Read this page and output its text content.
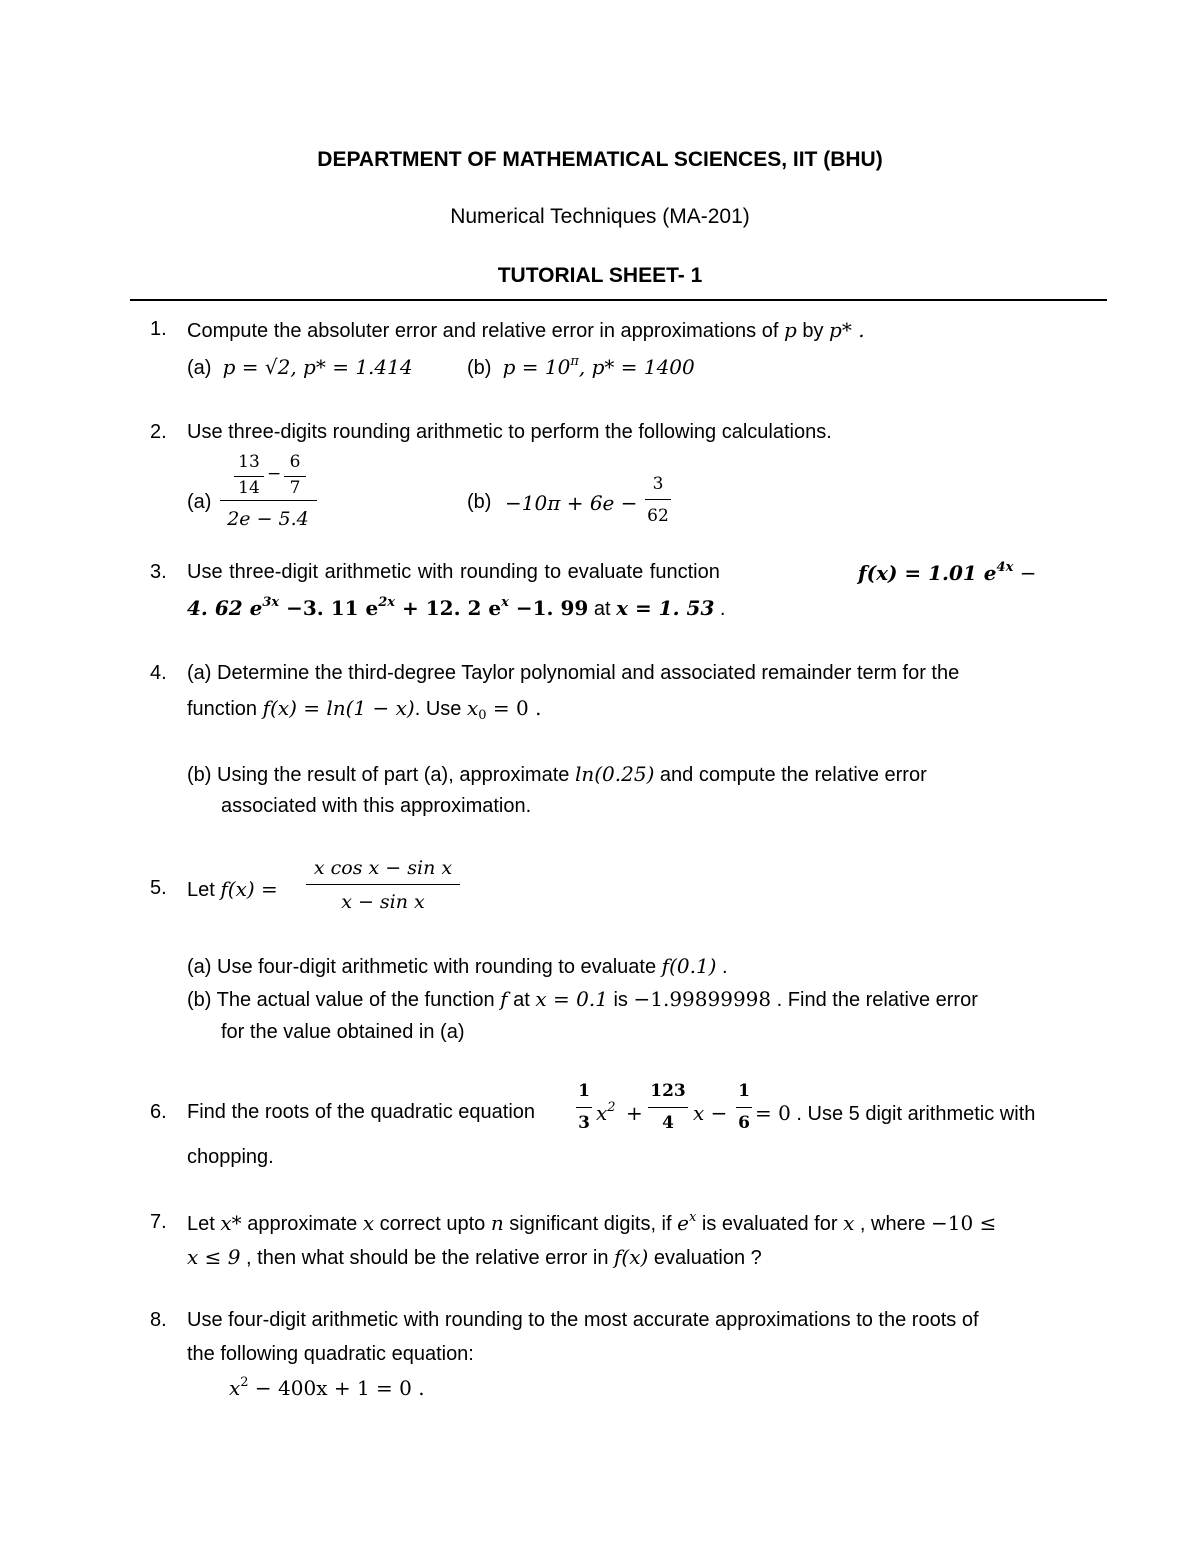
DEPARTMENT OF MATHEMATICAL SCIENCES, IIT (BHU)
Numerical Techniques (MA-201)
TUTORIAL SHEET- 1
1. Compute the absoluter error and relative error in approximations of p by p* .
(a) p = √2, p* = 1.414	(b) $p = 10^\pi$, p* = 1400
2. Use three-digits rounding arithmetic to perform the following calculations.
(a)
13
14
−
6
7
2e − 5.4
(b) −10π + 6e −
3
62
3. Use three-digit arithmetic with rounding to evaluate function	f(x) = 1.01 $e^{4x}$ −
4. 62 $e^{3x} -3$. 11 $e^{2x} + 12$. 2 $e^x -1$. 99 at x = 1. 53 .
4. (a) Determine the third-degree Taylor polynomial and associated remainder term for the
function f(x) = ln(1 − x). Use $x_0 = 0$ .
(b) Using the result of part (a), approximate ln(0.25) and compute the relative error
associated with this approximation.
5. Let f(x) =
x cos x − sin x
x − sin x
(a) Use four-digit arithmetic with rounding to evaluate f(0.1) .
(b) The actual value of the function f at x = 0.1 is −1.99899998 . Find the relative error
for the value obtained in (a)
6. Find the roots of the quadratic equation
1
3 $x^2$ +
123
4 x −
1
6 = 0 . Use 5 digit arithmetic with
chopping.
7. Let x* approximate x correct upto n significant digits, if $e^x$ is evaluated for x , where −10 ≤
x ≤ 9 , then what should be the relative error in f(x) evaluation ?
8. Use four-digit arithmetic with rounding to the most accurate approximations to the roots of
the following quadratic equation:
$x^2 - 400x + 1 = 0$ .
